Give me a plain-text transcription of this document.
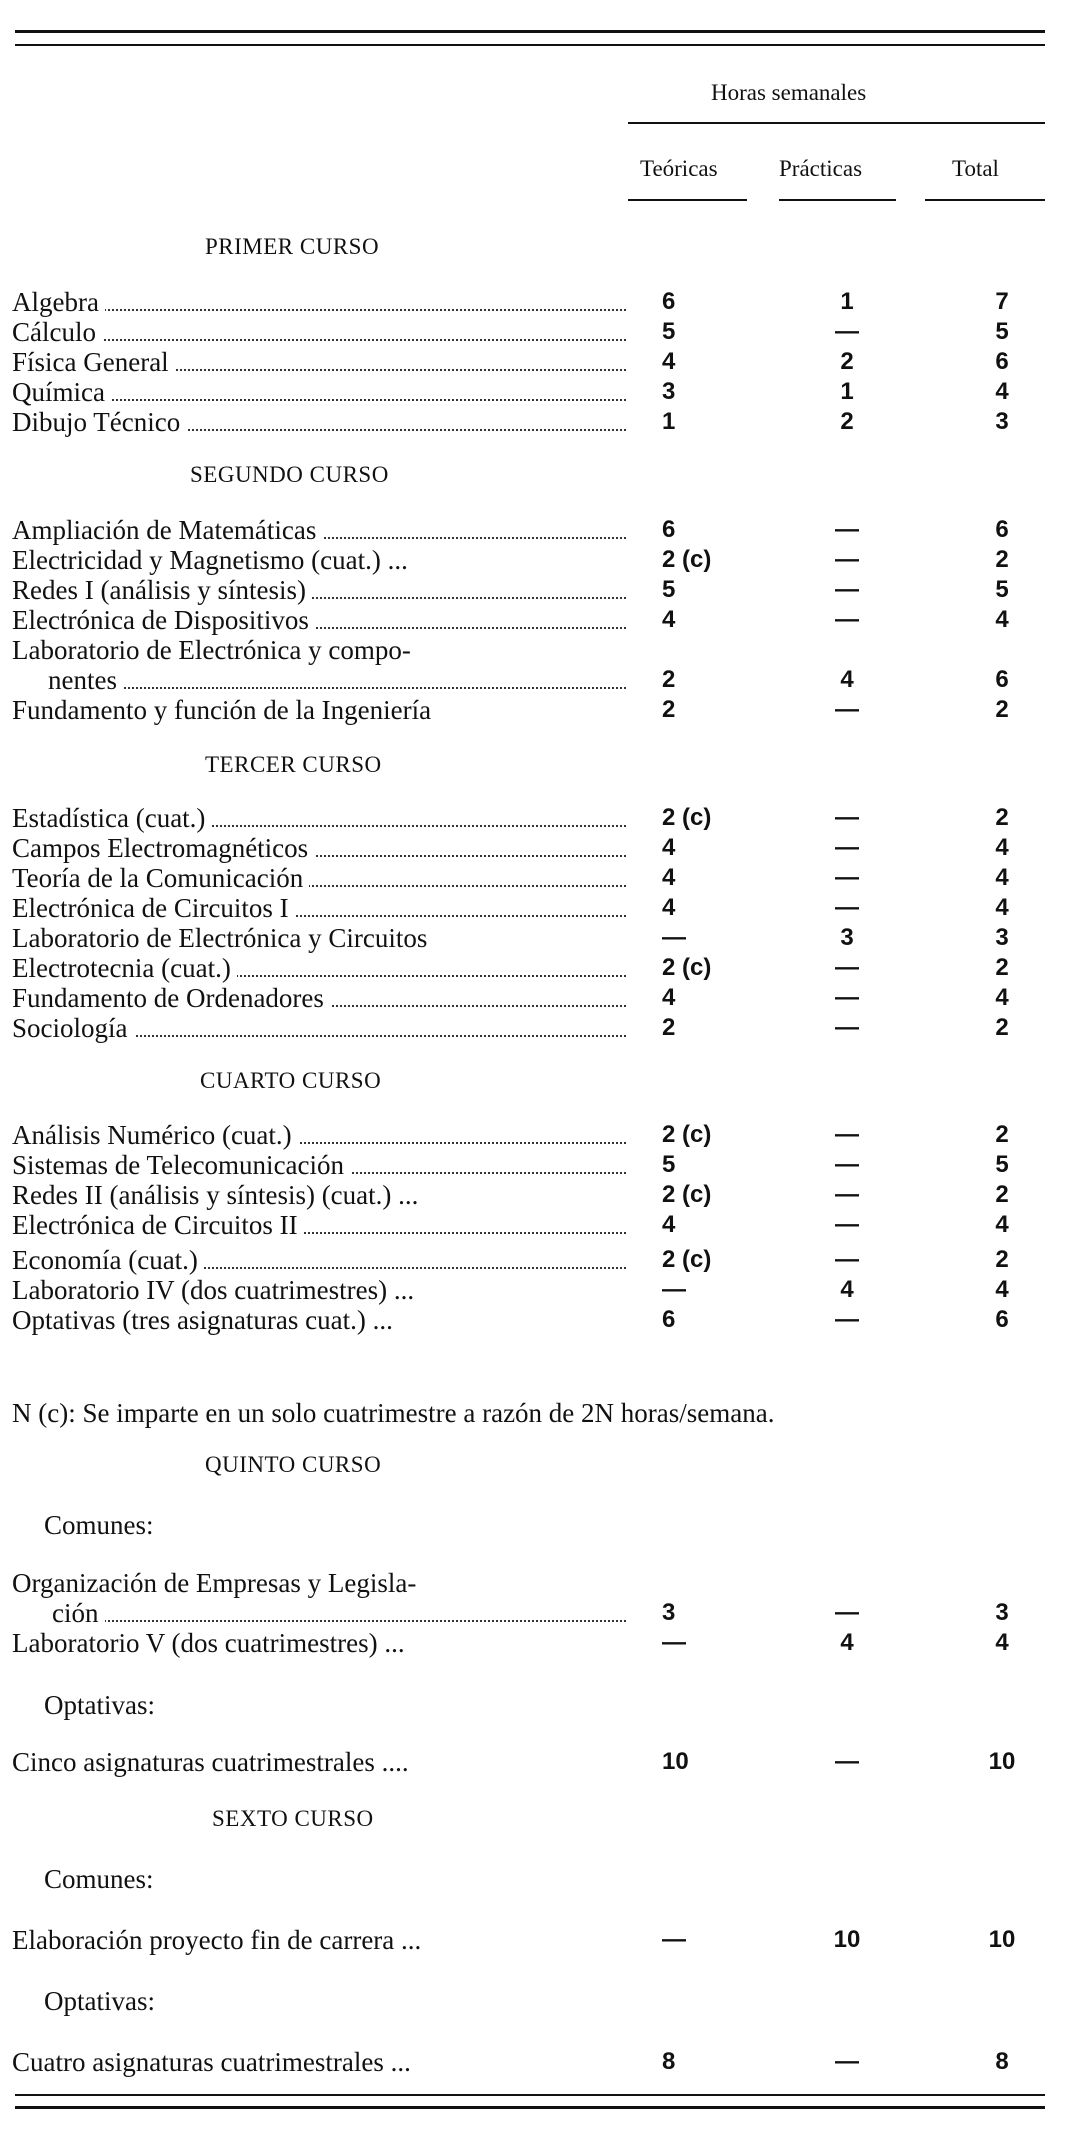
Horas semanales
Teóricas	Prácticas	Total
PRIMER CURSO
Algebra	6	1	7
Cálculo	5	—	5
Física General	4	2	6
Química	3	1	4
Dibujo Técnico	1	2	3
SEGUNDO CURSO
Ampliación de Matemáticas	6	—	6
Electricidad y Magnetismo (cuat.) ...	2 (c)	—	2
Redes I (análisis y síntesis)	5	—	5
Electrónica de Dispositivos	4	—	4
Laboratorio de Electrónica y compo-
nentes	2	4	6
Fundamento y función de la Ingeniería	2	—	2
TERCER CURSO
Estadística (cuat.)	2 (c)	—	2
Campos Electromagnéticos	4	—	4
Teoría de la Comunicación	4	—	4
Electrónica de Circuitos I	4	—	4
Laboratorio de Electrónica y Circuitos	—	3	3
Electrotecnia (cuat.)	2 (c)	—	2
Fundamento de Ordenadores	4	—	4
Sociología	2	—	2
CUARTO CURSO
Análisis Numérico (cuat.)	2 (c)	—	2
Sistemas de Telecomunicación	5	—	5
Redes II (análisis y síntesis) (cuat.) ...	2 (c)	—	2
Electrónica de Circuitos II	4	—	4
Economía (cuat.)	2 (c)	—	2
Laboratorio IV (dos cuatrimestres) ...	—	4	4
Optativas (tres asignaturas cuat.) ...	6	—	6
QUINTO CURSO
Comunes:
Organización de Empresas y Legisla-
ción	3	—	3
Laboratorio V (dos cuatrimestres) ...	—	4	4
Optativas:
Cinco asignaturas cuatrimestrales ....	10	—	10
SEXTO CURSO
Comunes:
Elaboración proyecto fin de carrera ...	—	10	10
Optativas:
Cuatro asignaturas cuatrimestrales ...	8	—	8
N (c): Se imparte en un solo cuatrimestre a razón de 2N horas/semana.
